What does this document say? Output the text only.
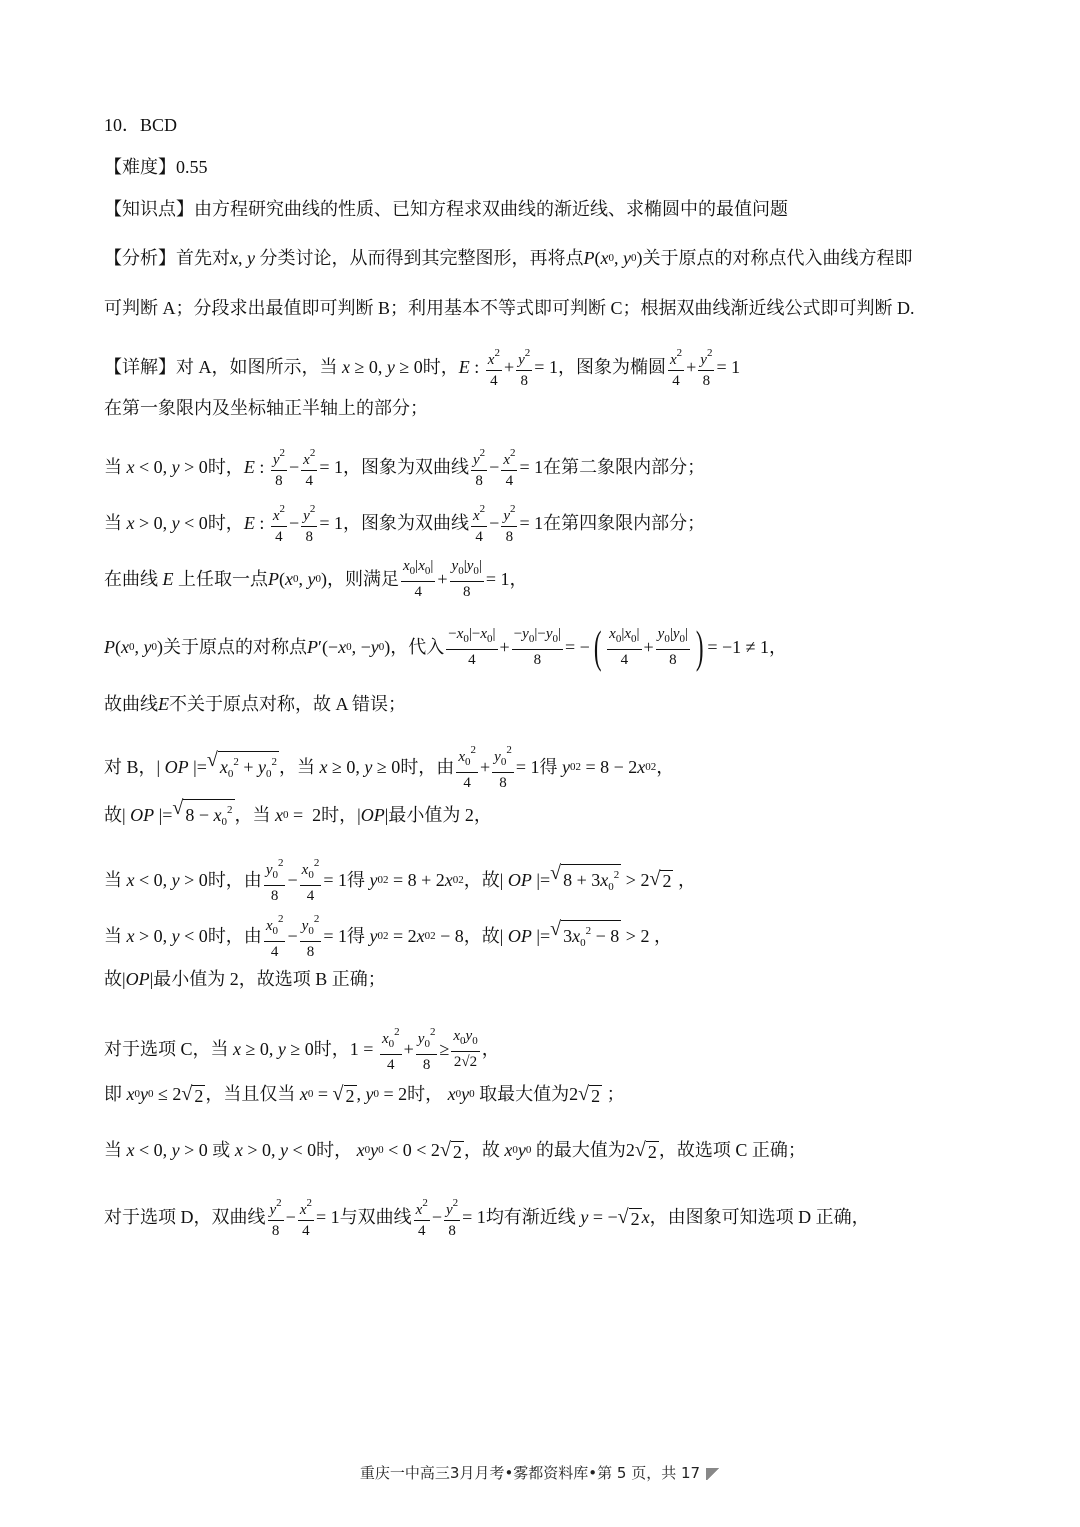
10．BCD
【难度】0.55
【知识点】由方程研究曲线的性质、已知方程求双曲线的渐近线、求椭圆中的最值问题
【分析】首先对 x , y
分类讨论，从而得到其完整图形，再将点 P ( x 0 , y 0 ) 关于原点的对称点代入曲线方程即
可判断 A；分段求出最值即可判断 B；利用基本不等式即可判断 C；根据双曲线渐近线公式即可判断 D.
【详解】对 A，如图所示，当
x ≥ 0, y ≥ 0 时， E : $\frac{x^2}{4} + \frac{y^2}{8} = 1$ ，图象为椭圆 $\frac{x^2}{4} + \frac{y^2}{8} = 1$
在第一象限内及坐标轴正半轴上的部分；
当
x < 0, y > 0 时， E : $\frac{y^2}{8} - \frac{x^2}{4} = 1$ ，图象为双曲线 $\frac{y^2}{8} - \frac{x^2}{4} = 1$ 在第二象限内部分；
当
x > 0, y < 0 时， E : $\frac{x^2}{4} - \frac{y^2}{8} = 1$ ，图象为双曲线 $\frac{x^2}{4} - \frac{y^2}{8} = 1$ 在第四象限内部分；
在曲线
E
上任取一点 P ( x 0 , y 0 ) ，则满足 $\frac{x_0|x_0|}{4} + \frac{y_0|y_0|}{8} = 1$，
P ( x 0 , y 0 ) 关于原点的对称点 P ′(− x 0 , − y 0 ) ，代入 $\frac{-x_0|-x_0|}{4} + \frac{-y_0|-y_0|}{8}$ = − ( $\frac{x_0|x_0|}{4} + \frac{y_0|y_0|}{8}$ ) = −1 ≠ 1，
故曲线 E 不关于原点对称，故 A 错误；
对 B， | OP |= √ $x_0^2 + y_0^2$ ，当
x ≥ 0, y ≥ 0 时，由 $\frac{x_0^2}{4} + \frac{y_0^2}{8} = 1$ 得
y 0 2 = 8 − 2 x 0 2 ，
故 | OP |= √ $8 - x_0^2$ ，当
x 0 =  2 时， | OP | 最小值为 2，
当
x < 0, y > 0 时，由 $\frac{y_0^2}{8} - \frac{x_0^2}{4} = 1$ 得
y 0 2 = 8 + 2 x 0 2 ，故 | OP |= √ $8 + 3x_0^2 > 2$ √ 2 ，
当
x > 0, y < 0 时，由 $\frac{x_0^2}{4} - \frac{y_0^2}{8} = 1$ 得
y 0 2 = 2 x 0 2 − 8 ，故 | OP |= √ $3x_0^2 - 8 > 2$ ，
故 | OP | 最小值为 2，故选项 B 正确；
对于选项 C，当
x ≥ 0, y ≥ 0 时， $1 = \frac{x_0^2}{4} + \frac{y_0^2}{8} \ge \frac{x_0y_0}{2√2}$ ，
即
x 0 y 0 ≤ 2 √ 2 ，当且仅当
x 0 = √ 2 , y 0 = 2 时，
x 0 y 0
取最大值为 2 √ 2 ；
当
x < 0, y > 0 或 x > 0, y < 0 时，
x 0 y 0 < 0 < 2 √ 2 ，故
x 0 y 0
的最大值为 2 √ 2 ，故选项 C 正确；
对于选项 D，双曲线 $\frac{y^2}{8} - \frac{x^2}{4} = 1$ 与双曲线 $\frac{x^2}{4} - \frac{y^2}{8} = 1$ 均有渐近线
y = − √ 2 x ，由图象可知选项 D 正确，
重庆一中高三3月月考•雾都资料库•第 5 页，共 17
